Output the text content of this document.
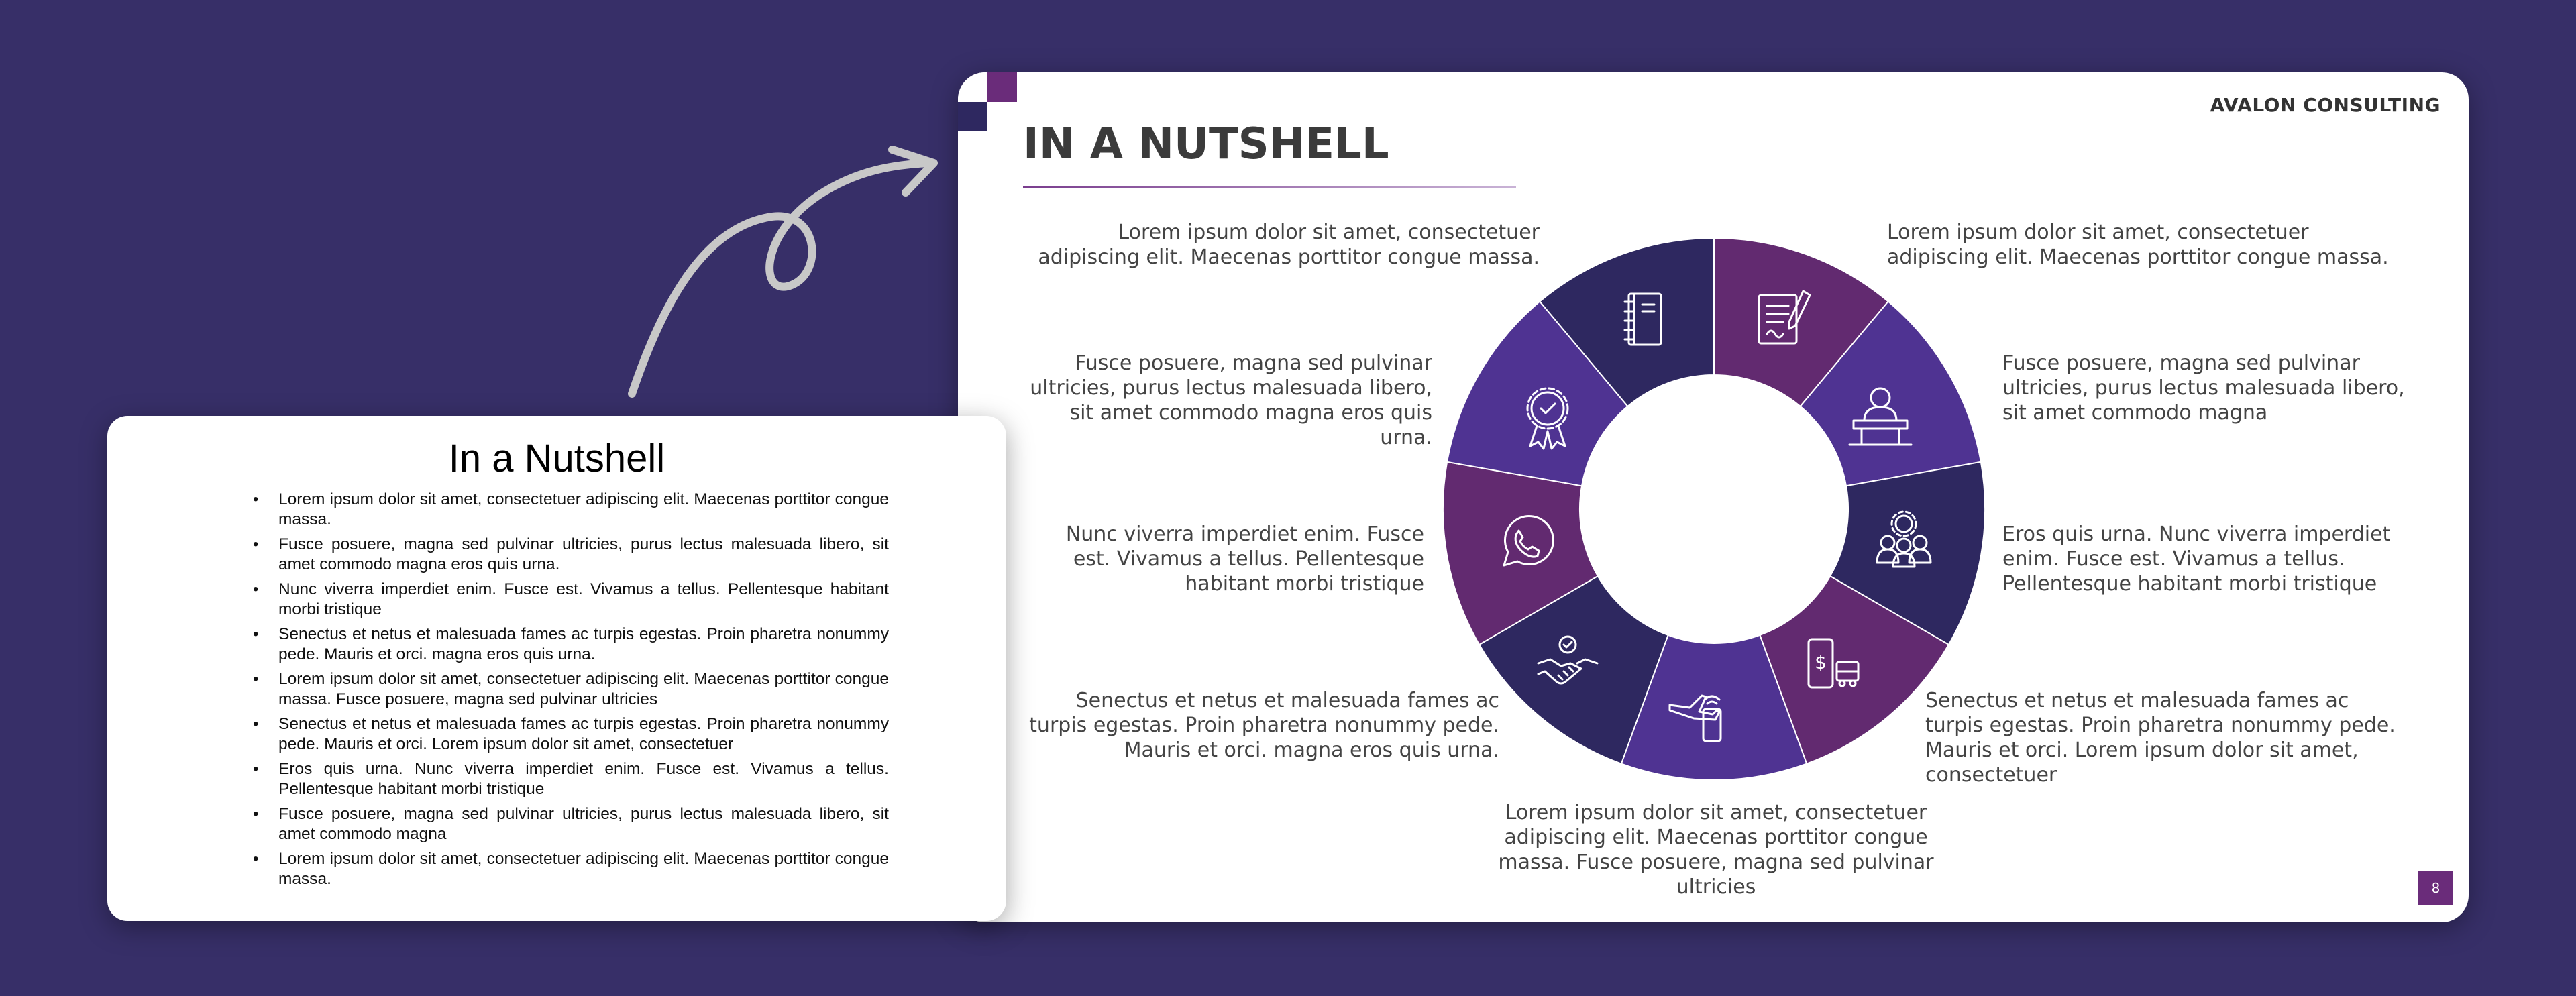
AVALON CONSULTING
IN A NUTSHELL

Lorem ipsum dolor sit amet, consectetuer adipiscing elit. Maecenas porttitor congue massa.

Lorem ipsum dolor sit amet, consectetuer adipiscing elit. Maecenas porttitor congue massa.

Fusce posuere, magna sed pulvinar ultricies, purus lectus malesuada libero, sit amet commodo magna eros quis urna.

Fusce posuere, magna sed pulvinar ultricies, purus lectus malesuada libero, sit amet commodo magna

Nunc viverra imperdiet enim. Fusce est. Vivamus a tellus. Pellentesque habitant morbi tristique

Eros quis urna. Nunc viverra imperdiet enim. Fusce est. Vivamus a tellus. Pellentesque habitant morbi tristique

Senectus et netus et malesuada fames ac turpis egestas. Proin pharetra nonummy pede. Mauris et orci. magna eros quis urna.

Senectus et netus et malesuada fames ac turpis egestas. Proin pharetra nonummy pede. Mauris et orci. Lorem ipsum dolor sit amet, consectetuer

Lorem ipsum dolor sit amet, consectetuer adipiscing elit. Maecenas porttitor congue massa. Fusce posuere, magna sed pulvinar ultricies

$
8
In a Nutshell
• Lorem ipsum dolor sit amet, consectetuer adipiscing elit. Maecenas porttitor congue massa.
• Fusce posuere, magna sed pulvinar ultricies, purus lectus malesuada libero, sit amet commodo magna eros quis urna.
• Nunc viverra imperdiet enim. Fusce est. Vivamus a tellus. Pellentesque habitant morbi tristique
• Senectus et netus et malesuada fames ac turpis egestas. Proin pharetra nonummy pede. Mauris et orci. magna eros quis urna.
• Lorem ipsum dolor sit amet, consectetuer adipiscing elit. Maecenas porttitor congue massa. Fusce posuere, magna sed pulvinar ultricies
• Senectus et netus et malesuada fames ac turpis egestas. Proin pharetra nonummy pede. Mauris et orci. Lorem ipsum dolor sit amet, consectetuer
• Eros quis urna. Nunc viverra imperdiet enim. Fusce est. Vivamus a tellus. Pellentesque habitant morbi tristique
• Fusce posuere, magna sed pulvinar ultricies, purus lectus malesuada libero, sit amet commodo magna
• Lorem ipsum dolor sit amet, consectetuer adipiscing elit. Maecenas porttitor congue massa.
